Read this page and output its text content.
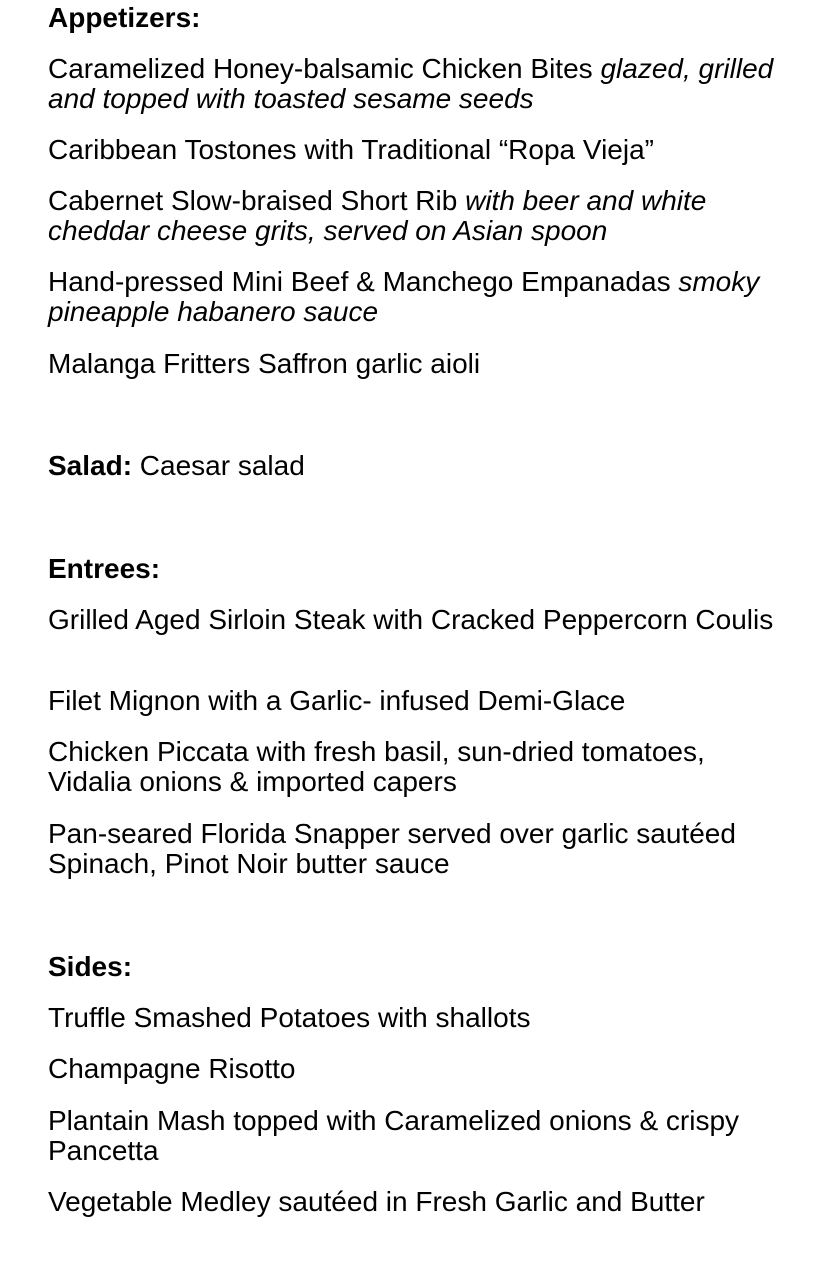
Appetizers:
Caramelized Honey-balsamic Chicken Bites glazed, grilled and topped with toasted sesame seeds
Caribbean Tostones with Traditional “Ropa Vieja”
Cabernet Slow-braised Short Rib with beer and white cheddar cheese grits, served on Asian spoon
Hand-pressed Mini Beef & Manchego Empanadas smoky pineapple habanero sauce
Malanga Fritters Saffron garlic aioli
Salad: Caesar salad
Entrees:
Grilled Aged Sirloin Steak with Cracked Peppercorn Coulis
Filet Mignon with a Garlic- infused Demi-Glace
Chicken Piccata with fresh basil, sun-dried tomatoes, Vidalia onions & imported capers
Pan-seared Florida Snapper served over garlic sautéed Spinach, Pinot Noir butter sauce
Sides:
Truffle Smashed Potatoes with shallots
Champagne Risotto
Plantain Mash topped with Caramelized onions & crispy Pancetta
Vegetable Medley sautéed in Fresh Garlic and Butter
